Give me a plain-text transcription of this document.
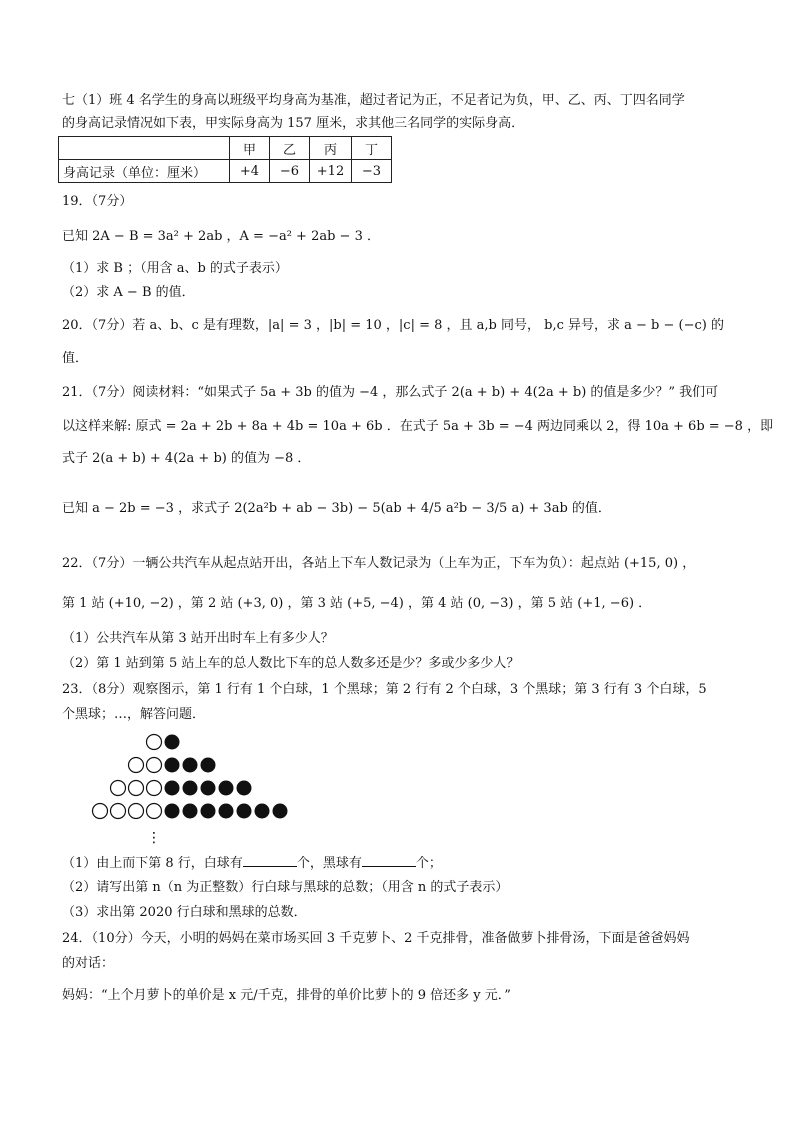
七（1）班 4 名学生的身高以班级平均身高为基准，超过者记为正，不足者记为负，甲、乙、丙、丁四名同学
的身高记录情况如下表，甲实际身高为 157 厘米，求其他三名同学的实际身高．
	甲	乙	丙	丁
身高记录（单位：厘米）	+4	−6	+12	−3
19．（7分）
已知 2A − B = 3a² + 2ab ，A = −a² + 2ab − 3 ．
（1）求 B ；（用含 a、b 的式子表示）
（2）求 A − B 的值．
20．（7分）若 a、b、c 是有理数，|a| = 3 ，|b| = 10 ，|c| = 8 ，且 a,b 同号， b,c 异号，求 a − b − (−c) 的
值．
21．（7分）阅读材料：“如果式子 5a + 3b 的值为 −4 ，那么式子 2(a + b) + 4(2a + b) 的值是多少？” 我们可
以这样来解: 原式 = 2a + 2b + 8a + 4b = 10a + 6b ．在式子 5a + 3b = −4 两边同乘以 2，得 10a + 6b = −8 ，即
式子 2(a + b) + 4(2a + b) 的值为 −8 ．
已知 a − 2b = −3 ，求式子 2(2a²b + ab − 3b) − 5(ab + 4/5 a²b − 3/5 a) + 3ab 的值．
22．（7分）一辆公共汽车从起点站开出，各站上下车人数记录为（上车为正，下车为负）：起点站 (+15, 0) ，
第 1 站 (+10, −2) ，第 2 站 (+3, 0) ，第 3 站 (+5, −4) ，第 4 站 (0, −3) ，第 5 站 (+1, −6) ．
（1）公共汽车从第 3 站开出时车上有多少人？
（2）第 1 站到第 5 站上车的总人数比下车的总人数多还是少？多或少多少人？
23．（8分）观察图示，第 1 行有 1 个白球，1 个黑球；第 2 行有 2 个白球，3 个黑球；第 3 行有 3 个白球，5
个黑球；…，解答问题．
⋮
（1）由上而下第 8 行，白球有	个，黑球有	个；
（2）请写出第 n（n 为正整数）行白球与黑球的总数；（用含 n 的式子表示）
（3）求出第 2020 行白球和黑球的总数．
24．（10分）今天，小明的妈妈在菜市场买回 3 千克萝卜、2 千克排骨，准备做萝卜排骨汤，下面是爸爸妈妈
的对话：
妈妈：“上个月萝卜的单价是 x 元/千克，排骨的单价比萝卜的 9 倍还多 y 元．”
